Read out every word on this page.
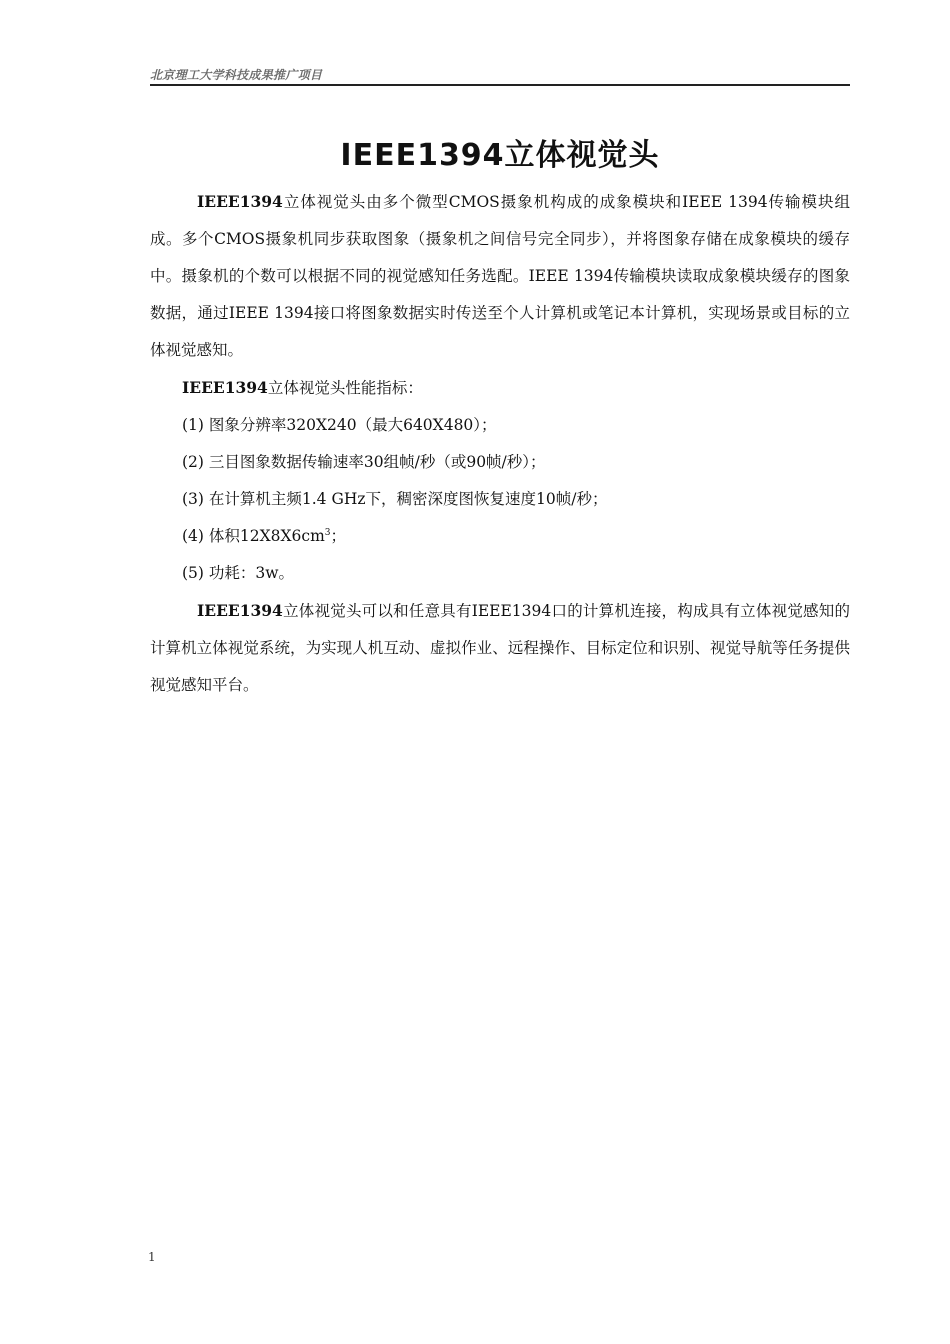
北京理工大学科技成果推广项目
IEEE1394立体视觉头

IEEE1394立体视觉头由多个微型CMOS摄象机构成的成象模块和IEEE 1394传输模块组成。多个CMOS摄象机同步获取图象（摄象机之间信号完全同步），并将图象存储在成象模块的缓存中。摄象机的个数可以根据不同的视觉感知任务选配。IEEE 1394传输模块读取成象模块缓存的图象数据，通过IEEE 1394接口将图象数据实时传送至个人计算机或笔记本计算机，实现场景或目标的立体视觉感知。

IEEE1394立体视觉头性能指标：

(1) 图象分辨率320X240（最大640X480）；

(2) 三目图象数据传输速率30组帧/秒（或90帧/秒）；

(3) 在计算机主频1.4 GHz下，稠密深度图恢复速度10帧/秒；

(4) 体积$12X8X6cm^3$；

(5) 功耗：3w。

IEEE1394立体视觉头可以和任意具有IEEE1394口的计算机连接，构成具有立体视觉感知的计算机立体视觉系统，为实现人机互动、虚拟作业、远程操作、目标定位和识别、视觉导航等任务提供视觉感知平台。

1
